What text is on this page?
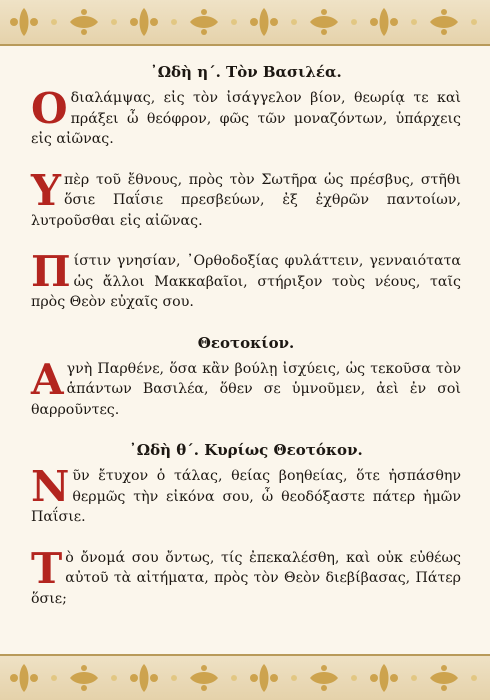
᾿Ωδὴ η΄. Τὸν Βασιλέα.

Οδιαλάμψας, εἰς τὸν ἰσάγγελον βίον, θεωρίᾳ τε καὶ πράξει ὦ θεόφρον, φῶς τῶν μοναζόντων, ὑπάρχεις εἰς αἰῶνας.

Υπὲρ τοῦ ἔθνους, πρὸς τὸν Σωτῆρα ὡς πρέσβυς, στῆθι ὅσιε Παΐσιε πρεσβεύων, ἐξ ἐχθρῶν παντοίων, λυτροῦσθαι εἰς αἰῶνας.

Πίστιν γνησίαν, ᾿Ορθοδοξίας φυλάττειν, γενναιότατα ὡς ἄλλοι Μακκαβαῖοι, στήριξον τοὺς νέους, ταῖς πρὸς Θεὸν εὐχαῖς σου.

Θεοτοκίον.

Αγνὴ Παρθένε, ὅσα κἂν βούλῃ ἰσχύεις, ὡς τεκοῦσα τὸν ἁπάντων Βασιλέα, ὅθεν σε ὑμνοῦμεν, ἀεὶ ἐν σοὶ θαρροῦντες.

᾿Ωδὴ θ΄. Κυρίως Θεοτόκον.

Νῦν ἔτυχον ὁ τάλας, θείας βοηθείας, ὅτε ἠσπάσθην θερμῶς τὴν εἰκόνα σου, ὦ θεοδόξαστε πάτερ ἡμῶν Παΐσιε.

Τὸ ὄνομά σου ὄντως, τίς ἐπεκαλέσθη, καὶ οὐκ εὐθέως αὐτοῦ τὰ αἰτήματα, πρὸς τὸν Θεὸν διεβίβασας, Πάτερ ὅσιε;
